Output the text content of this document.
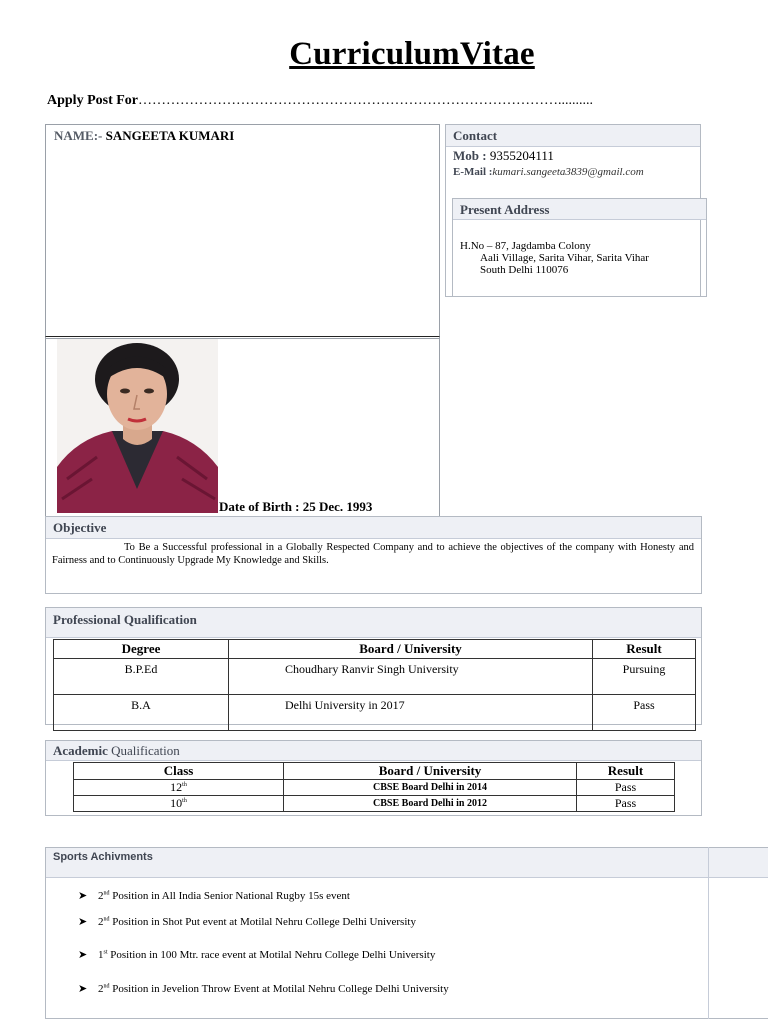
CurriculumVitae
Apply Post For………………………………………………………………………………..........
NAME:- SANGEETA KUMARI
Date of Birth : 25 Dec. 1993
Contact
Mob : 9355204111
E-Mail :kumari.sangeeta3839@gmail.com
Present Address
H.No – 87, Jagdamba Colony
Aali Village, Sarita Vihar, Sarita Vihar
South Delhi 110076
Objective
To Be a Successful professional in a Globally Respected Company and to achieve the objectives of the company with Honesty and Fairness and to Continuously Upgrade My Knowledge and Skills.
Professional Qualification
Degree	Board / University	Result
B.P.Ed	Choudhary Ranvir Singh University	Pursuing
B.A	Delhi University in 2017	Pass
Academic Qualification
Class	Board / University	Result
12th	CBSE Board Delhi in 2014	Pass
10th	CBSE Board Delhi in 2012	Pass
Sports Achivments
➤ 2nd Position in All India Senior National Rugby 15s event
➤ 2nd Position in Shot Put event at Motilal Nehru College Delhi University
➤ 1st Position in 100 Mtr. race event at Motilal Nehru College Delhi University
➤ 2nd Position in Jevelion Throw Event at Motilal Nehru College Delhi University
